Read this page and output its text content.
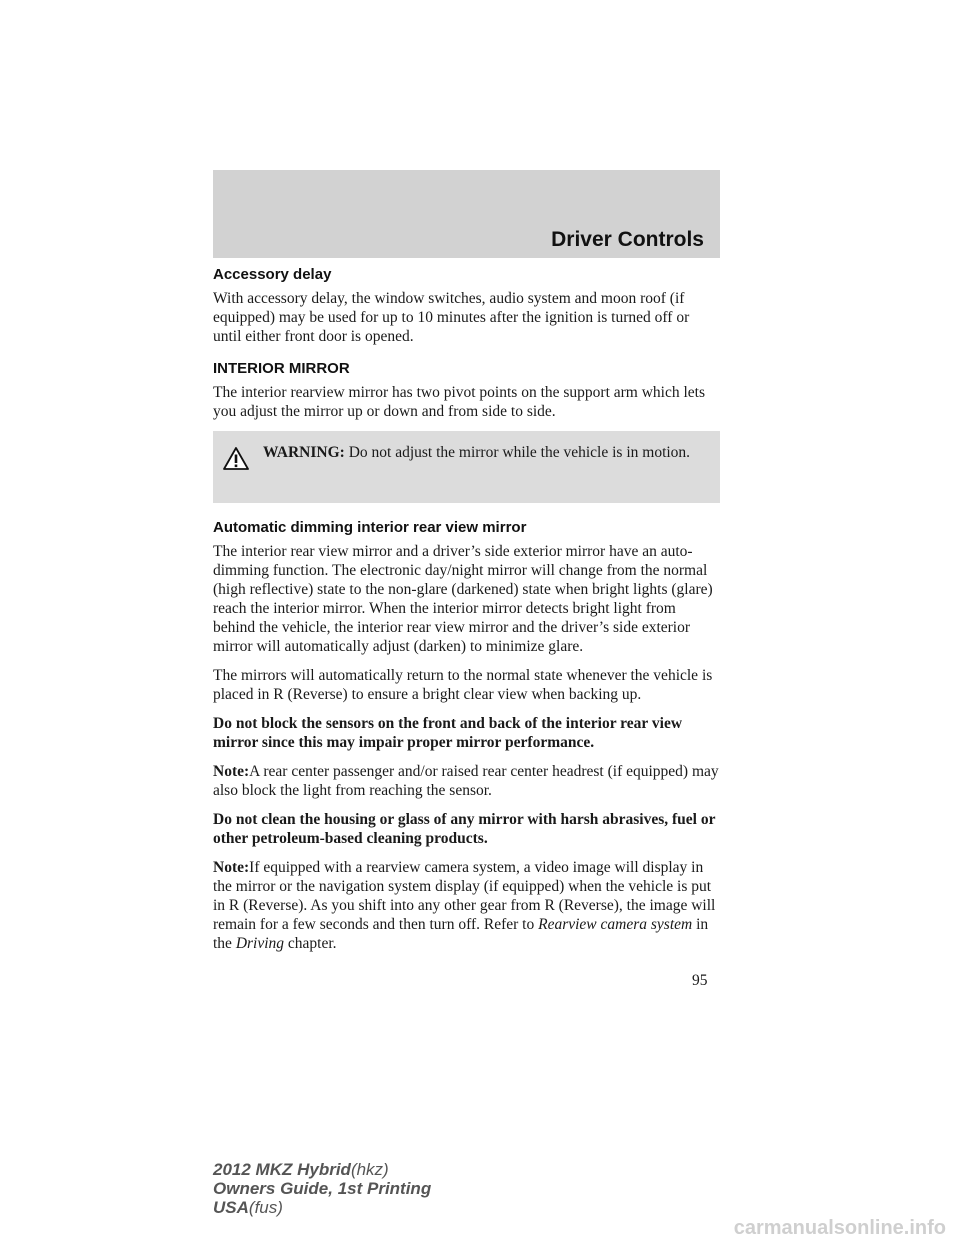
Driver Controls
Accessory delay

With accessory delay, the window switches, audio system and moon roof (if equipped) may be used for up to 10 minutes after the ignition is turned off or until either front door is opened.

INTERIOR MIRROR

The interior rearview mirror has two pivot points on the support arm which lets you adjust the mirror up or down and from side to side.

WARNING: Do not adjust the mirror while the vehicle is in motion.
Automatic dimming interior rear view mirror

The interior rear view mirror and a driver’s side exterior mirror have an auto-dimming function. The electronic day/night mirror will change from the normal (high reflective) state to the non-glare (darkened) state when bright lights (glare) reach the interior mirror. When the interior mirror detects bright light from behind the vehicle, the interior rear view mirror and the driver’s side exterior mirror will automatically adjust (darken) to minimize glare.

The mirrors will automatically return to the normal state whenever the vehicle is placed in R (Reverse) to ensure a bright clear view when backing up.

Do not block the sensors on the front and back of the interior rear view mirror since this may impair proper mirror performance.

Note:A rear center passenger and/or raised rear center headrest (if equipped) may also block the light from reaching the sensor.

Do not clean the housing or glass of any mirror with harsh abrasives, fuel or other petroleum-based cleaning products.

Note:If equipped with a rearview camera system, a video image will display in the mirror or the navigation system display (if equipped) when the vehicle is put in R (Reverse). As you shift into any other gear from R (Reverse), the image will remain for a few seconds and then turn off. Refer to Rearview camera system in the Driving chapter.

95
2012 MKZ Hybrid(hkz)
Owners Guide, 1st Printing
USA(fus)
carmanualsonline.info
